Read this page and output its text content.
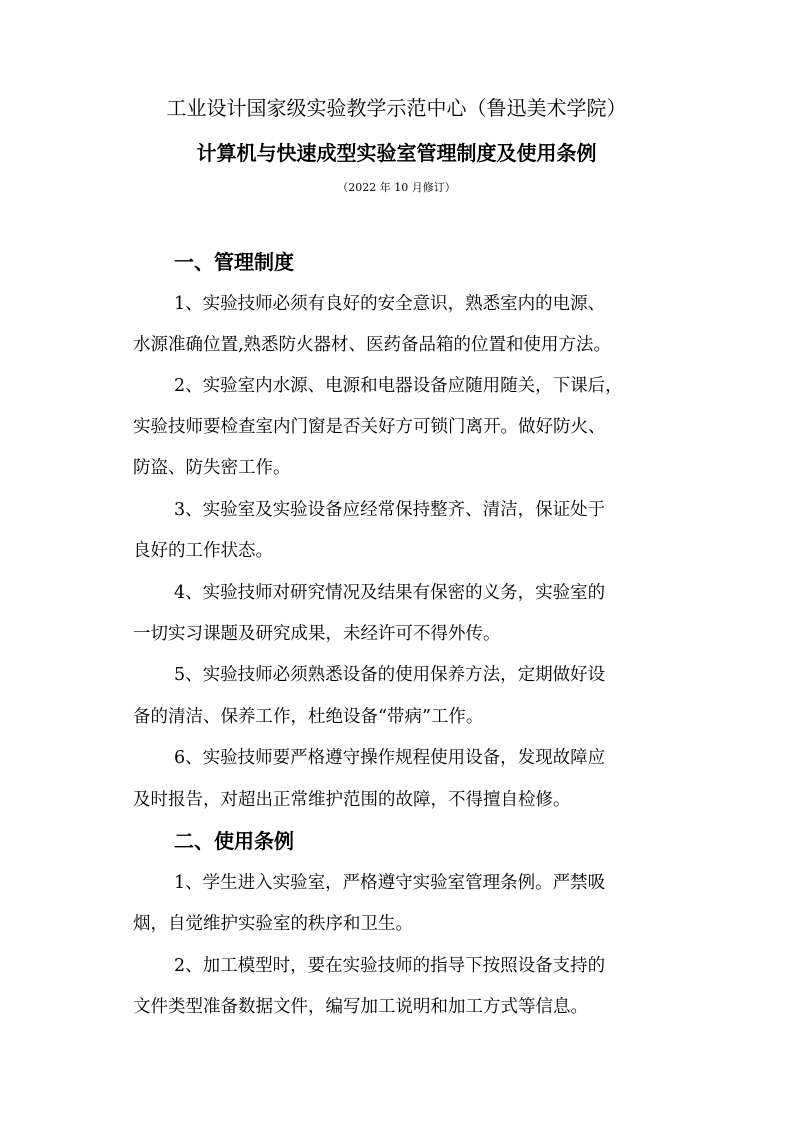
工业设计国家级实验教学示范中心（鲁迅美术学院）
计算机与快速成型实验室管理制度及使用条例
（2022 年 10 月修订）
一、管理制度
1、实验技师必须有良好的安全意识，熟悉室内的电源、
水源准确位置,熟悉防火器材、医药备品箱的位置和使用方法。
2、实验室内水源、电源和电器设备应随用随关，下课后，
实验技师要检查室内门窗是否关好方可锁门离开。做好防火、
防盗、防失密工作。
3、实验室及实验设备应经常保持整齐、清洁，保证处于
良好的工作状态。
4、实验技师对研究情况及结果有保密的义务，实验室的
一切实习课题及研究成果，未经许可不得外传。
5、实验技师必须熟悉设备的使用保养方法，定期做好设
备的清洁、保养工作，杜绝设备“带病”工作。
6、实验技师要严格遵守操作规程使用设备，发现故障应
及时报告，对超出正常维护范围的故障，不得擅自检修。
二、使用条例
1、学生进入实验室，严格遵守实验室管理条例。严禁吸
烟，自觉维护实验室的秩序和卫生。
2、加工模型时，要在实验技师的指导下按照设备支持的
文件类型准备数据文件，编写加工说明和加工方式等信息。
